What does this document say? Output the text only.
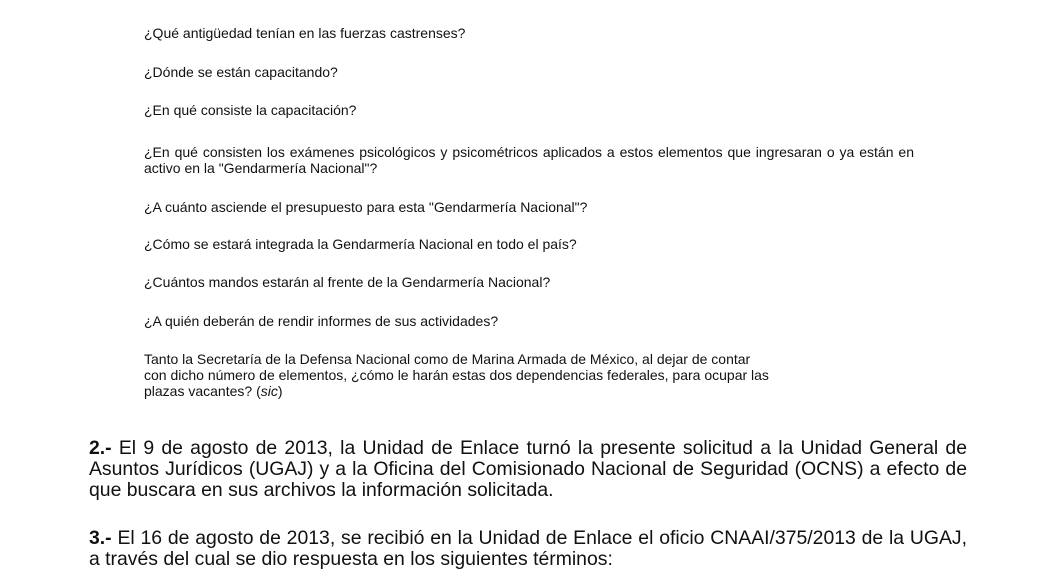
¿Qué antigüedad tenían en las fuerzas castrenses?

¿Dónde se están capacitando?

¿En qué consiste la capacitación?

¿En qué consisten los exámenes psicológicos y psicométricos aplicados a estos elementos que ingresaran o ya están en activo en la "Gendarmería Nacional"?

¿A cuánto asciende el presupuesto para esta "Gendarmería Nacional"?

¿Cómo se estará integrada la Gendarmería Nacional en todo el país?

¿Cuántos mandos estarán al frente de la Gendarmería Nacional?

¿A quién deberán de rendir informes de sus actividades?

Tanto la Secretaría de la Defensa Nacional como de Marina Armada de México, al dejar de contar
con dicho número de elementos, ¿cómo le harán estas dos dependencias federales, para ocupar las
plazas vacantes? (sic)

2.- El 9 de agosto de 2013, la Unidad de Enlace turnó la presente solicitud a la Unidad General de Asuntos Jurídicos (UGAJ) y a la Oficina del Comisionado Nacional de Seguridad (OCNS) a efecto de que buscara en sus archivos la información solicitada.
3.- El 16 de agosto de 2013, se recibió en la Unidad de Enlace el oficio CNAAI/375/2013 de la UGAJ, a través del cual se dio respuesta en los siguientes términos:
